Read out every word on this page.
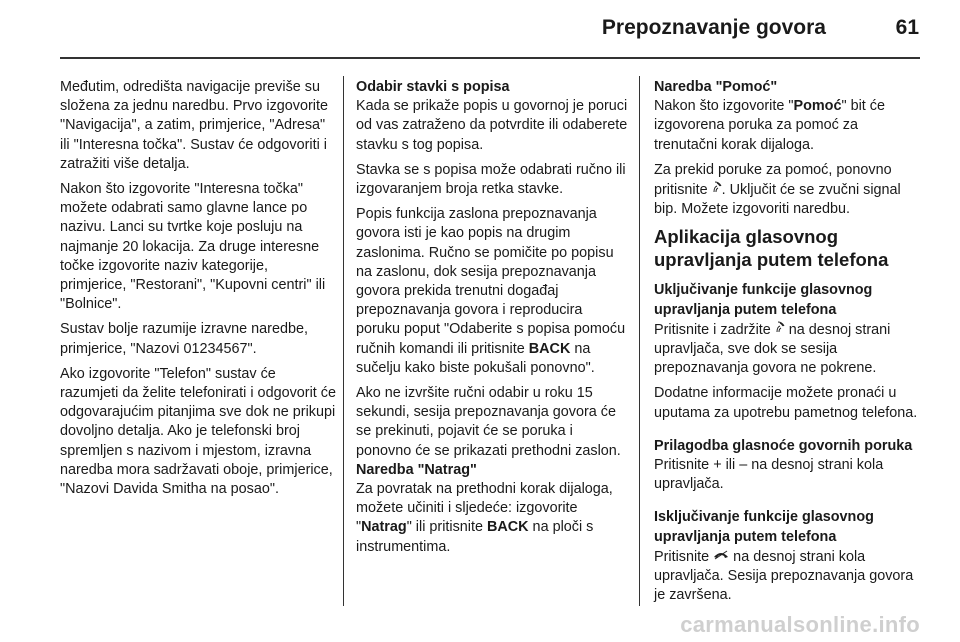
Prepoznavanje govora	61

Međutim, odredišta navigacije previše su složena za jednu naredbu. Prvo izgovorite "Navigacija", a zatim, primjerice, "Adresa" ili "Interesna točka". Sustav će odgovoriti i zatražiti više detalja.

Nakon što izgovorite "Interesna točka" možete odabrati samo glavne lance po nazivu. Lanci su tvrtke koje posluju na najmanje 20 lokacija. Za druge interesne točke izgovorite naziv kategorije, primjerice, "Restorani", "Kupovni centri" ili "Bolnice".

Sustav bolje razumije izravne naredbe, primjerice, "Nazovi 01234567".

Ako izgovorite "Telefon" sustav će razumjeti da želite telefonirati i odgovorit će odgovarajućim pitanjima sve dok ne prikupi dovoljno detalja. Ako je telefonski broj spremljen s nazivom i mjestom, izravna naredba mora sadržavati oboje, primjerice, "Nazovi Davida Smitha na posao".

Odabir stavki s popisa

Kada se prikaže popis u govornoj je poruci od vas zatraženo da potvrdite ili odaberete stavku s tog popisa.

Stavka se s popisa može odabrati ručno ili izgovaranjem broja retka stavke.

Popis funkcija zaslona prepoznavanja govora isti je kao popis na drugim zaslonima. Ručno se pomičite po popisu na zaslonu, dok sesija prepoznavanja govora prekida trenutni događaj prepoznavanja govora i reproducira poruku poput "Odaberite s popisa pomoću ručnih komandi ili pritisnite BACK na sučelju kako biste pokušali ponovno".

Ako ne izvršite ručni odabir u roku 15 sekundi, sesija prepoznavanja govora će se prekinuti, pojavit će se poruka i ponovno će se prikazati prethodni zaslon.

Naredba "Natrag"

Za povratak na prethodni korak dijaloga, možete učiniti i sljedeće: izgovorite "Natrag" ili pritisnite BACK na ploči s instrumentima.

Naredba "Pomoć"

Nakon što izgovorite "Pomoć" bit će izgovorena poruka za pomoć za trenutačni korak dijaloga.

Za prekid poruke za pomoć, ponovno pritisnite . Uključit će se zvučni signal bip. Možete izgovoriti naredbu.

Aplikacija glasovnog upravljanja putem telefona

Uključivanje funkcije glasovnog upravljanja putem telefona

Pritisnite i zadržite  na desnoj strani upravljača, sve dok se sesija prepoznavanja govora ne pokrene.

Dodatne informacije možete pronaći u uputama za upotrebu pametnog telefona.

Prilagodba glasnoće govornih poruka

Pritisnite + ili – na desnoj strani kola upravljača.

Isključivanje funkcije glasovnog upravljanja putem telefona

Pritisnite  na desnoj strani kola upravljača. Sesija prepoznavanja govora je završena.

carmanualsonline.info
